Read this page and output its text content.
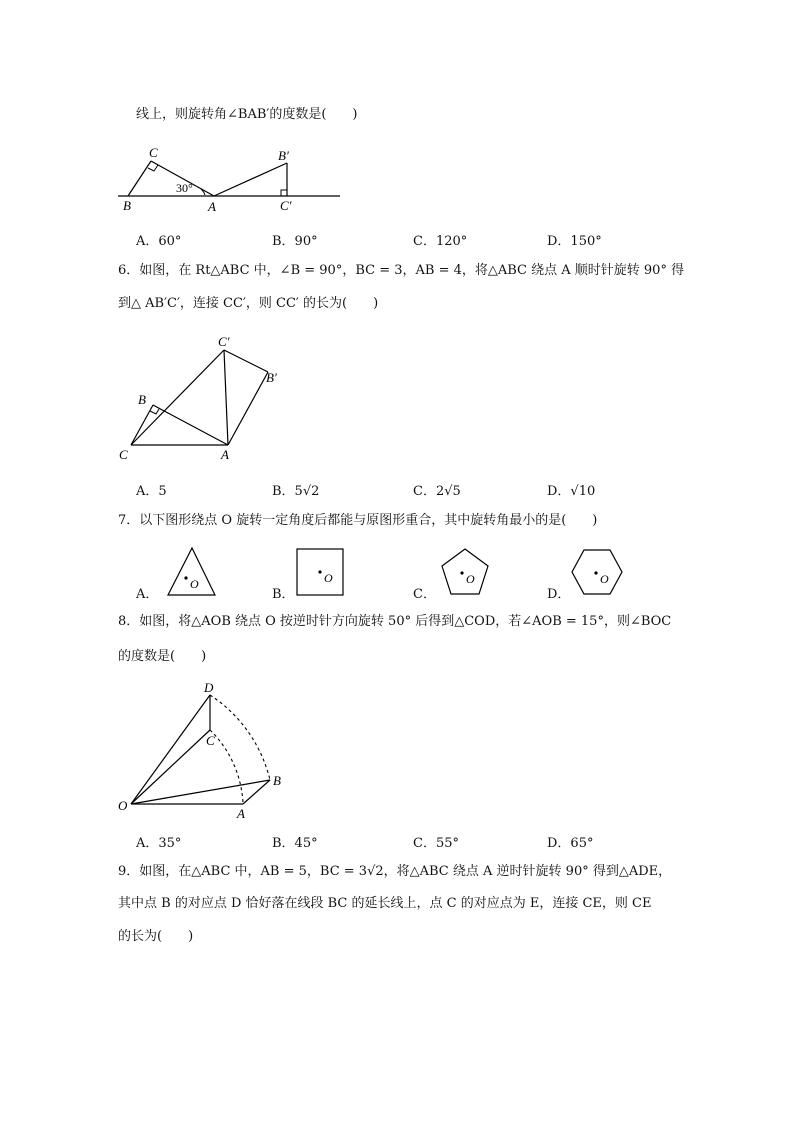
线上，则旋转角∠BAB′的度数是(　　)
C
B	A
B′
C′
30°
A．60°	B．90°	C．120°	D．150°
6．如图，在 Rt△ABC 中，∠B = 90°，BC = 3，AB = 4，将△ABC 绕点 A 顺时针旋转 90° 得
到△ AB′C′，连接 CC′，则 CC′ 的长为(　　)
C′
B′
B
C	A
A．5	B．5√2	C．2√5	D．√10
7．以下图形绕点 O 旋转一定角度后都能与原图形重合，其中旋转角最小的是(　　)
A．	B．	C．	D．
O	O	O	O
8．如图，将△AOB 绕点 O 按逆时针方向旋转 50° 后得到△COD，若∠AOB = 15°，则∠BOC
的度数是(　　)
D
C
B
O
A
A．35°	B．45°	C．55°	D．65°
9．如图，在△ABC 中，AB = 5，BC = 3√2，将△ABC 绕点 A 逆时针旋转 90° 得到△ADE，
其中点 B 的对应点 D 恰好落在线段 BC 的延长线上，点 C 的对应点为 E，连接 CE，则 CE
的长为(　　)
